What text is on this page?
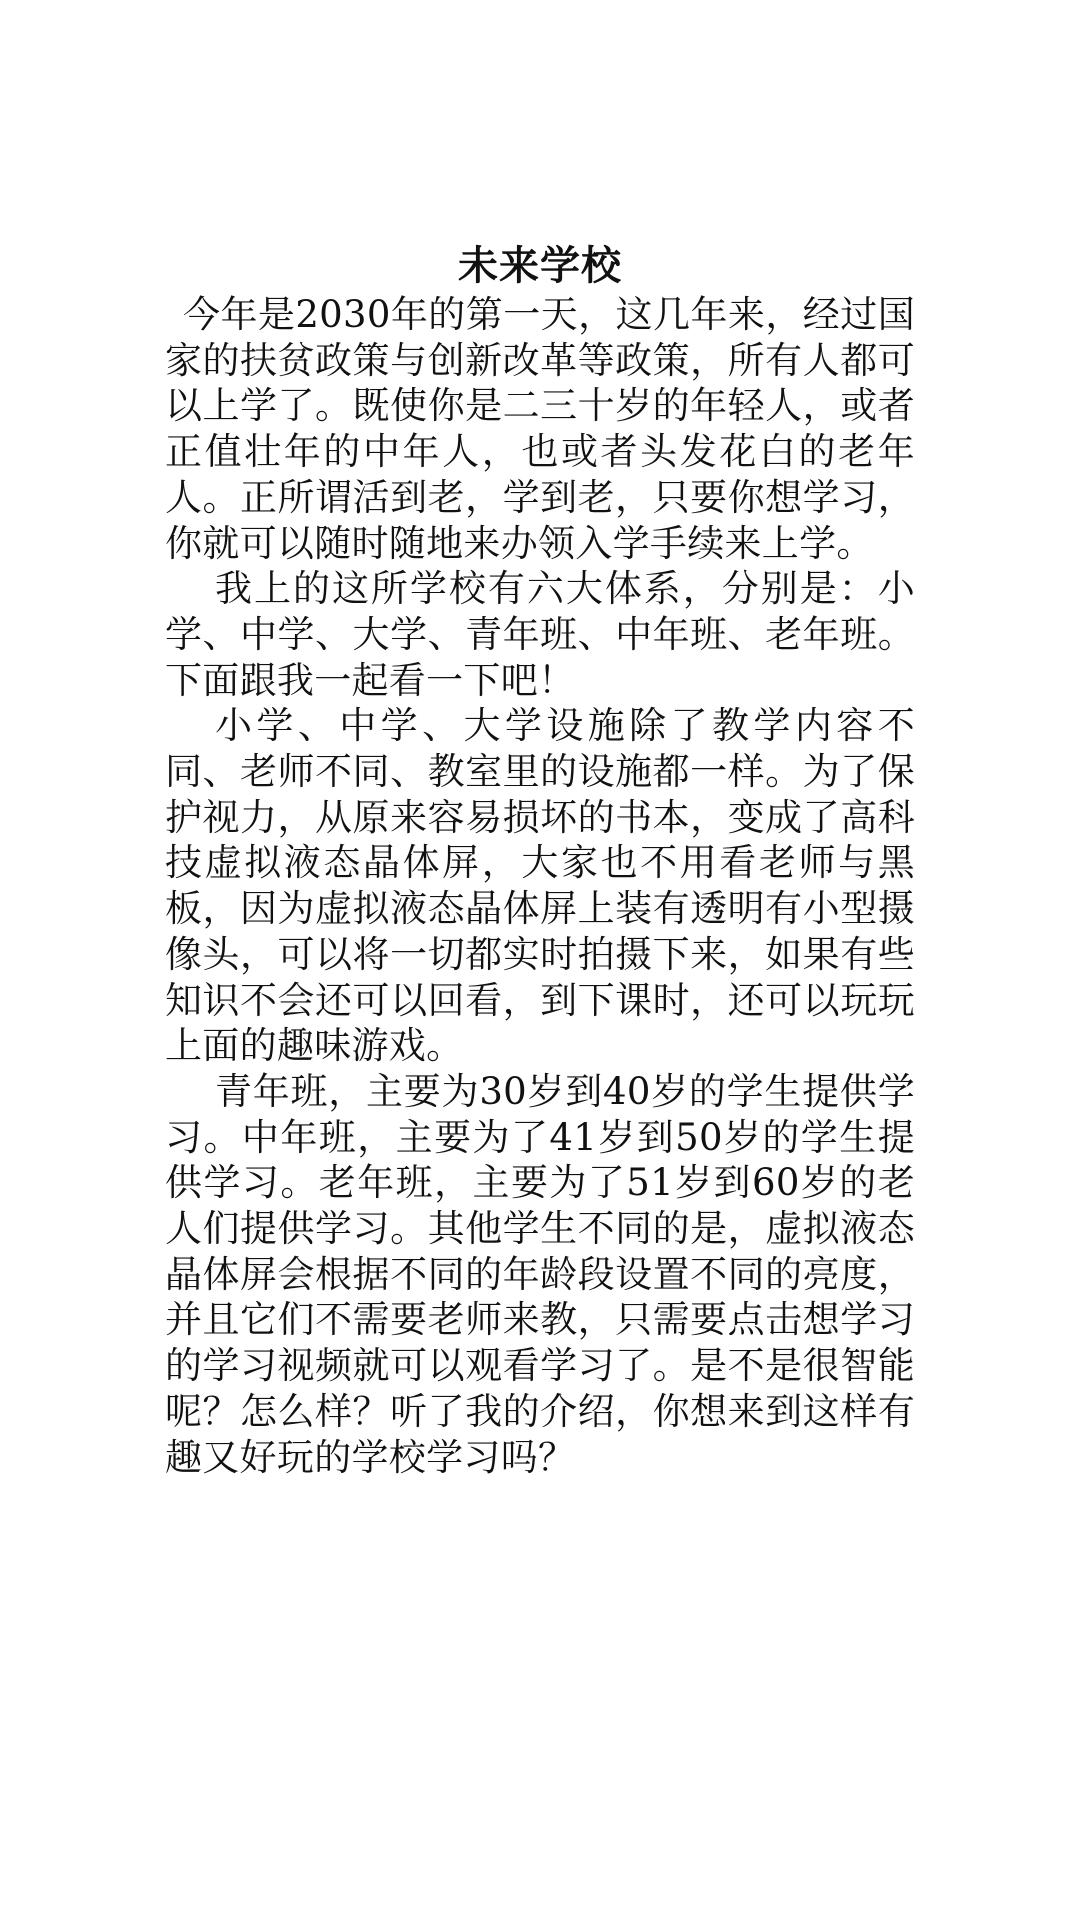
未来学校

今年是2030年的第一天，这几年来，经过国家的扶贫政策与创新改革等政策，所有人都可以上学了。既使你是二三十岁的年轻人，或者正值壮年的中年人，也或者头发花白的老年人。正所谓活到老，学到老，只要你想学习，你就可以随时随地来办领入学手续来上学。

我上的这所学校有六大体系，分别是：小学、中学、大学、青年班、中年班、老年班。下面跟我一起看一下吧！

小学、中学、大学设施除了教学内容不同、老师不同、教室里的设施都一样。为了保护视力，从原来容易损坏的书本，变成了高科技虚拟液态晶体屏，大家也不用看老师与黑板，因为虚拟液态晶体屏上装有透明有小型摄像头，可以将一切都实时拍摄下来，如果有些知识不会还可以回看，到下课时，还可以玩玩上面的趣味游戏。

青年班，主要为30岁到40岁的学生提供学习。中年班，主要为了41岁到50岁的学生提供学习。老年班，主要为了51岁到60岁的老人们提供学习。其他学生不同的是，虚拟液态晶体屏会根据不同的年龄段设置不同的亮度，并且它们不需要老师来教，只需要点击想学习的学习视频就可以观看学习了。是不是很智能呢？怎么样？听了我的介绍，你想来到这样有趣又好玩的学校学习吗？
